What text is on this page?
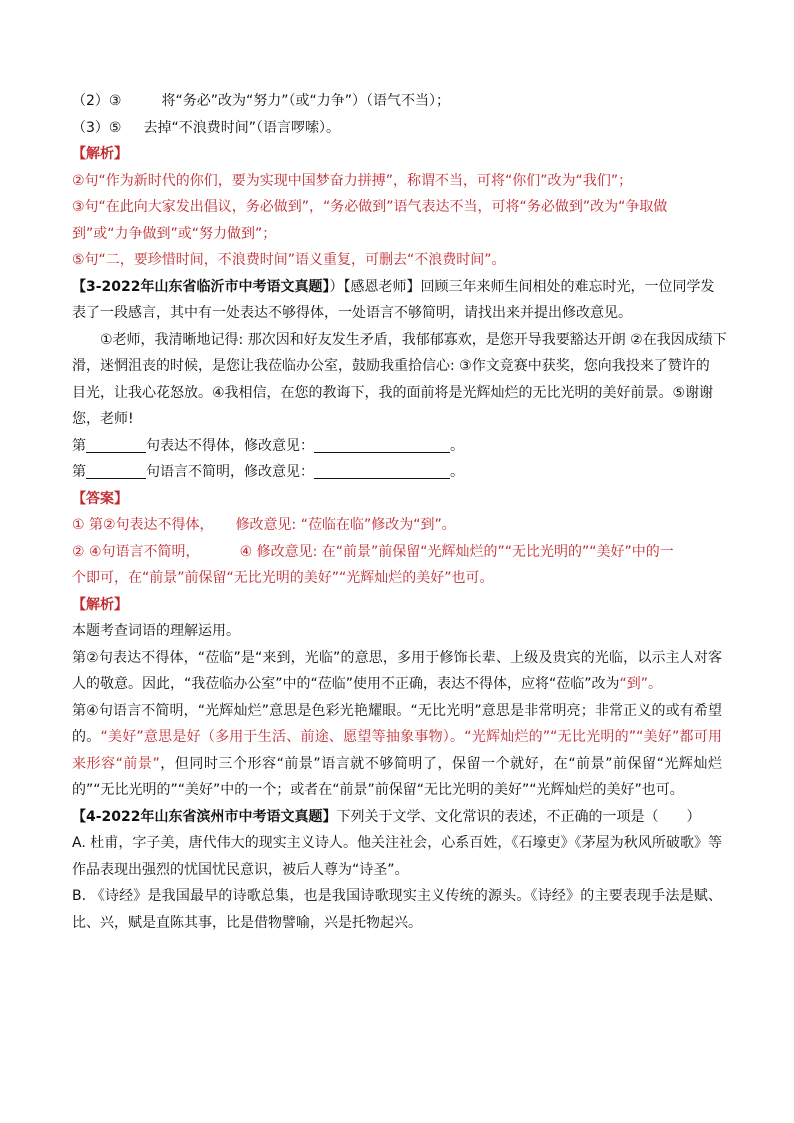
（2）③	将“务必”改为“努力”（或“力争”）（语气不当）；

（3）⑤ 去掉“不浪费时间”（语言啰嗦）。

【解析】

②句“作为新时代的你们，要为实现中国梦奋力拼搏”，称谓不当，可将“你们”改为“我们”；

③句“在此向大家发出倡议，务必做到”，“务必做到”语气表达不当，可将“务必做到”改为“争取做

到”或“力争做到”或“努力做到”；

⑤句“二，要珍惜时间，不浪费时间”语义重复，可删去“不浪费时间”。

【3-2022年山东省临沂市中考语文真题】）【感恩老师】回顾三年来师生间相处的难忘时光，一位同学发

表了一段感言，其中有一处表达不够得体，一处语言不够简明，请找出来并提出修改意见。

①老师，我清晰地记得: 那次因和好友发生矛盾，我郁郁寡欢，是您开导我要豁达开朗 ②在我因成绩下

滑，迷惘沮丧的时候，是您让我莅临办公室，鼓励我重拾信心: ③作文竞赛中获奖，您向我投来了赞许的

目光，让我心花怒放。④我相信，在您的教诲下，我的面前将是光辉灿烂的无比光明的美好前景。⑤谢谢

您，老师!

第	句表达不得体，修改意见：	。

第	句语言不简明，修改意见：	。

【答案】

① 第②句表达不得体， 修改意见: “莅临在临”修改为“到”。

② ④句语言不简明，	④ 修改意见: 在“前景”前保留“光辉灿烂的”“无比光明的”“美好”中的一

个即可，在“前景”前保留“无比光明的美好”“光辉灿烂的美好”也可。

【解析】

本题考查词语的理解运用。

第②句表达不得体，“莅临”是“来到，光临”的意思，多用于修饰长辈、上级及贵宾的光临，以示主人对客人的敬意。因此，“我莅临办公室”中的“莅临”使用不正确，表达不得体，应将“莅临”改为“到”。

第④句语言不简明，“光辉灿烂”意思是色彩光艳耀眼。“无比光明”意思是非常明亮；非常正义的或有希望的。“美好”意思是好（多用于生活、前途、愿望等抽象事物）。“光辉灿烂的”“无比光明的”“美好”都可用来形容“前景”，但同时三个形容“前景”语言就不够简明了，保留一个就好，在“前景”前保留“光辉灿烂的”“无比光明的”“美好”中的一个；或者在“前景”前保留“无比光明的美好”“光辉灿烂的美好”也可。

【4-2022年山东省滨州市中考语文真题】下列关于文学、文化常识的表述，不正确的一项是（　　）

A. 杜甫，字子美，唐代伟大的现实主义诗人。他关注社会，心系百姓，《石壕吏》《茅屋为秋风所破歌》等作品表现出强烈的忧国忧民意识，被后人尊为“诗圣”。

B. 《诗经》是我国最早的诗歌总集，也是我国诗歌现实主义传统的源头。《诗经》的主要表现手法是赋、比、兴，赋是直陈其事，比是借物譬喻，兴是托物起兴。
